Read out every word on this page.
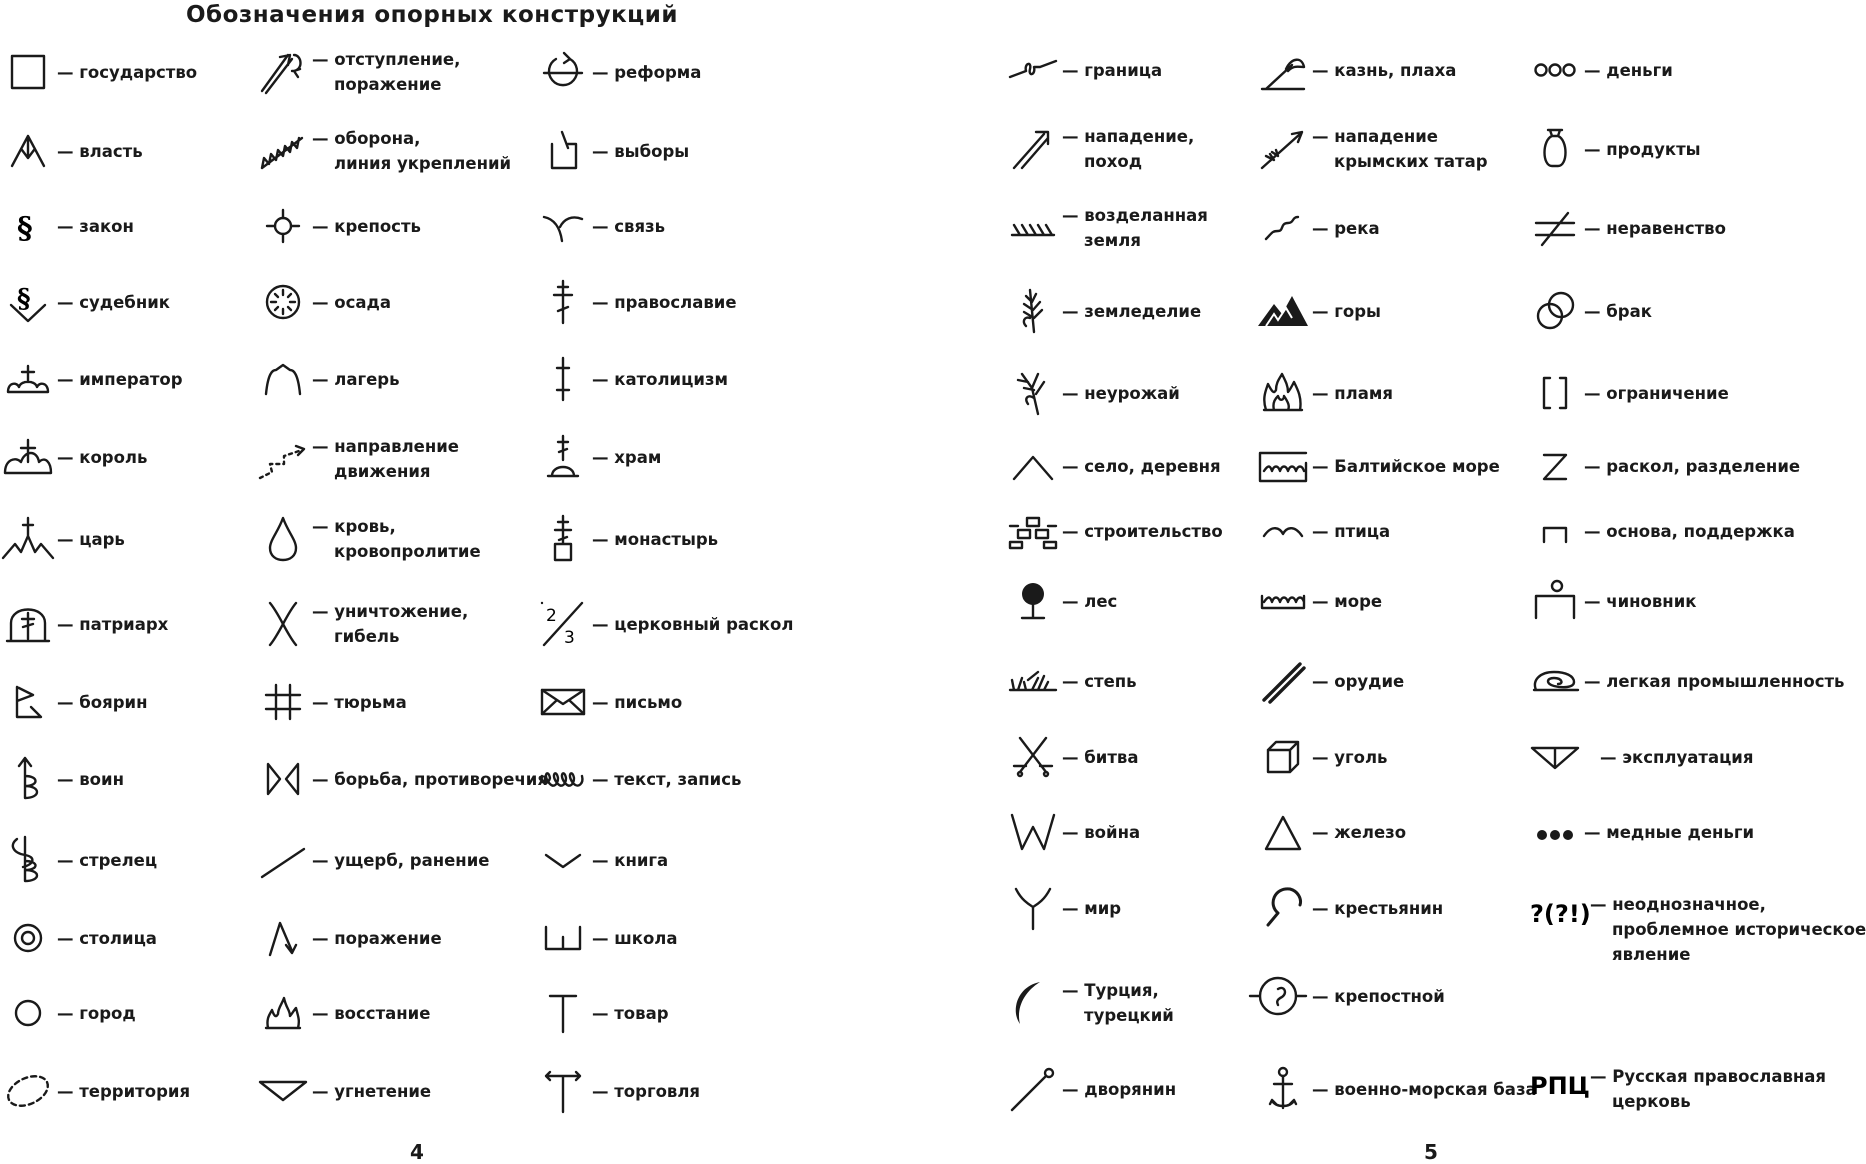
Обозначения опорных конструкций
— государство
— власть
§ — закон
§ — судебник
— император
— король
— царь
— патриарх
— боярин
— воин
— стрелец
— столица
— город
— территория
— отступление,
поражение
— оборона,
линия укреплений
— крепость
— осада
— лагерь
— направление
движения
— кровь,
кровопролитие
— уничтожение,
гибель
— тюрьма
— борьба, противоречия
— ущерб, ранение
— поражение
— восстание
— угнетение
— реформа
— выборы
— связь
— православие
— католицизм
— храм
— монастырь
2
3
— церковный раскол
— письмо
— текст, запись
— книга
— школа
— товар
— торговля
— граница
— нападение,
поход
— возделанная
земля
— земледелие
— неурожай
— село, деревня
— строительство
— лес
— степь
— битва
— война
— мир
— Турция,
турецкий
— дворянин
— казнь, плаха
— нападение
крымских татар
— река
— горы
— пламя
— Балтийское море
— птица
— море
— орудие
— уголь
— железо
— крестьянин
— крепостной
— военно-морская база
— деньги
— продукты
— неравенство
— брак
— ограничение
— раскол, разделение
— основа, поддержка
— чиновник
— легкая промышленность
— эксплуатация
— медные деньги
?(?!) — неоднозначное,
проблемное историческое
явление
РПЦ — Русская православная
церковь
4	5
